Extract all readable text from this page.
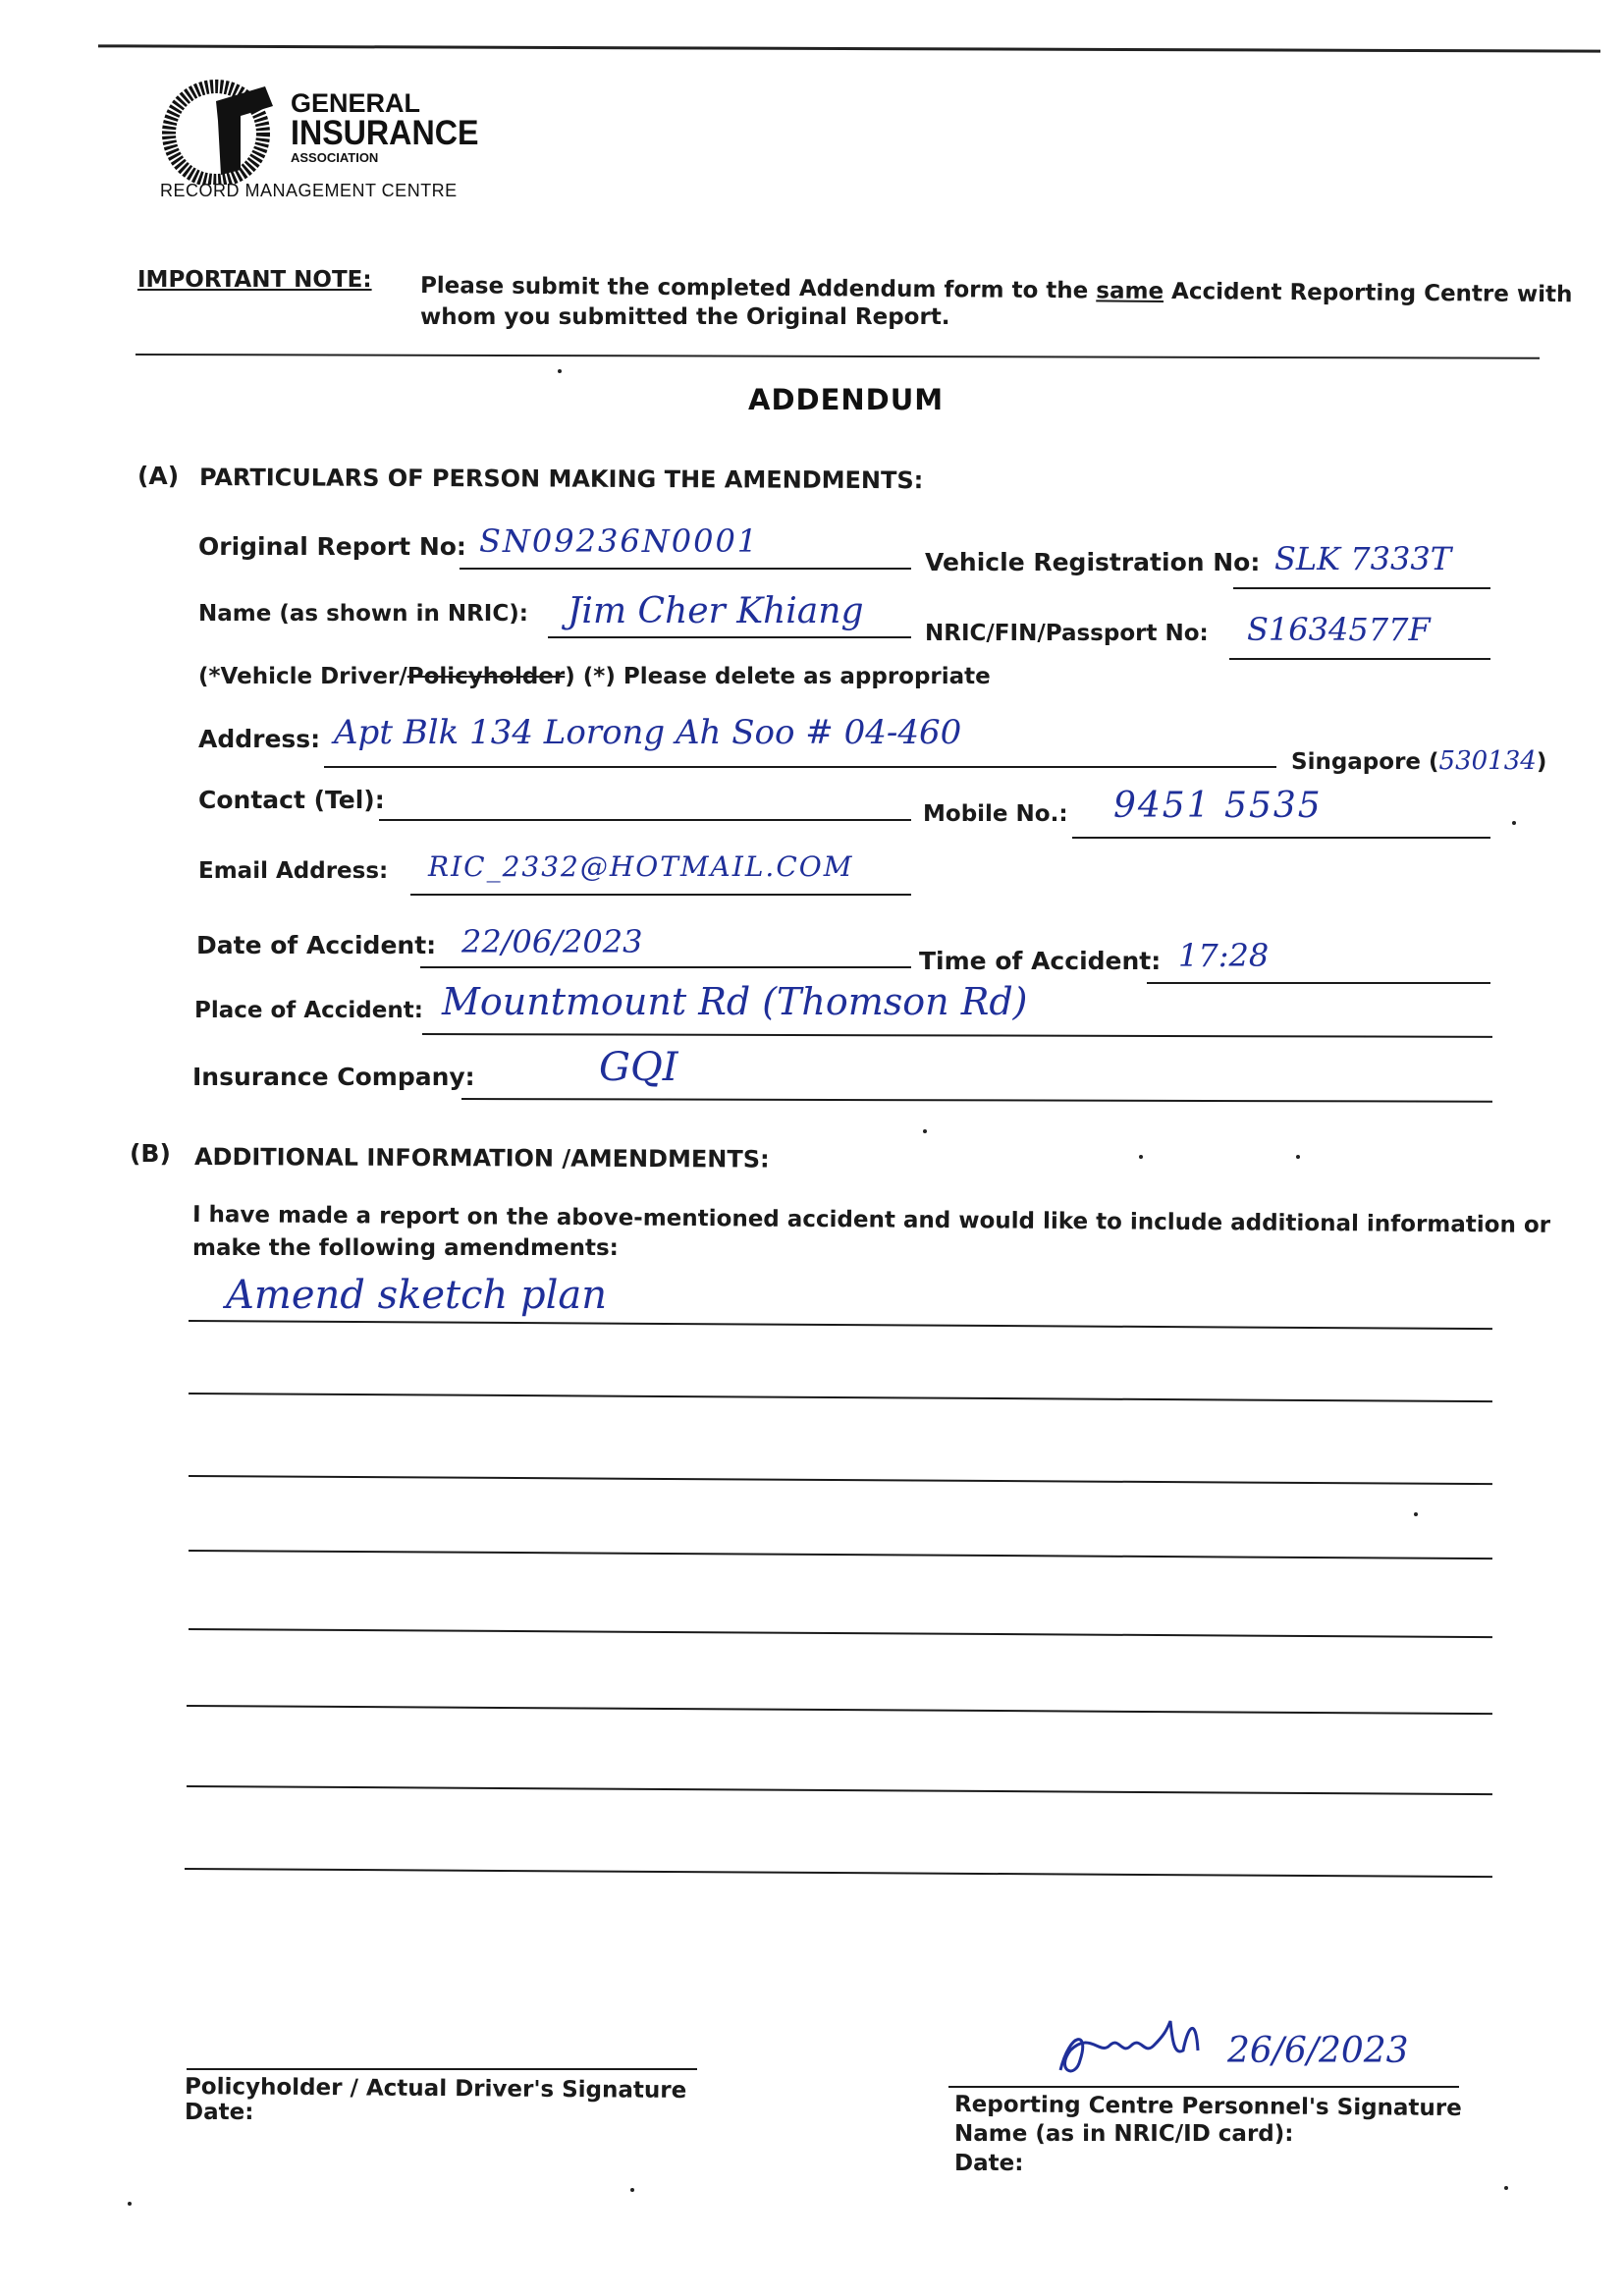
GENERAL
INSURANCE
ASSOCIATION
RECORD MANAGEMENT CENTRE
IMPORTANT NOTE: Please submit the completed Addendum form to the same Accident Reporting Centre with
whom you submitted the Original Report.
ADDENDUM
(A) PARTICULARS OF PERSON MAKING THE AMENDMENTS:
Original Report No: SN09236N0001
Vehicle Registration No: SLK 7333T
Name (as shown in NRIC): Jim Cher Khiang
NRIC/FIN/Passport No: S1634577F
(*Vehicle Driver/Policyholder) (*) Please delete as appropriate
Address: Apt Blk 134 Lorong Ah Soo # 04-460
Singapore (530134)
Contact (Tel):	Mobile No.: 9451 5535
Email Address: RIC_2332@HOTMAIL.COM
Date of Accident: 22/06/2023
Time of Accident: 17:28
Place of Accident: Mountmount Rd (Thomson Rd)
Insurance Company:	GQI
(B) ADDITIONAL INFORMATION /AMENDMENTS:
I have made a report on the above-mentioned accident and would like to include additional information or
make the following amendments:
Amend sketch plan
Policyholder / Actual Driver's Signature
Date:
26/6/2023
Reporting Centre Personnel's Signature
Name (as in NRIC/ID card):
Date:
